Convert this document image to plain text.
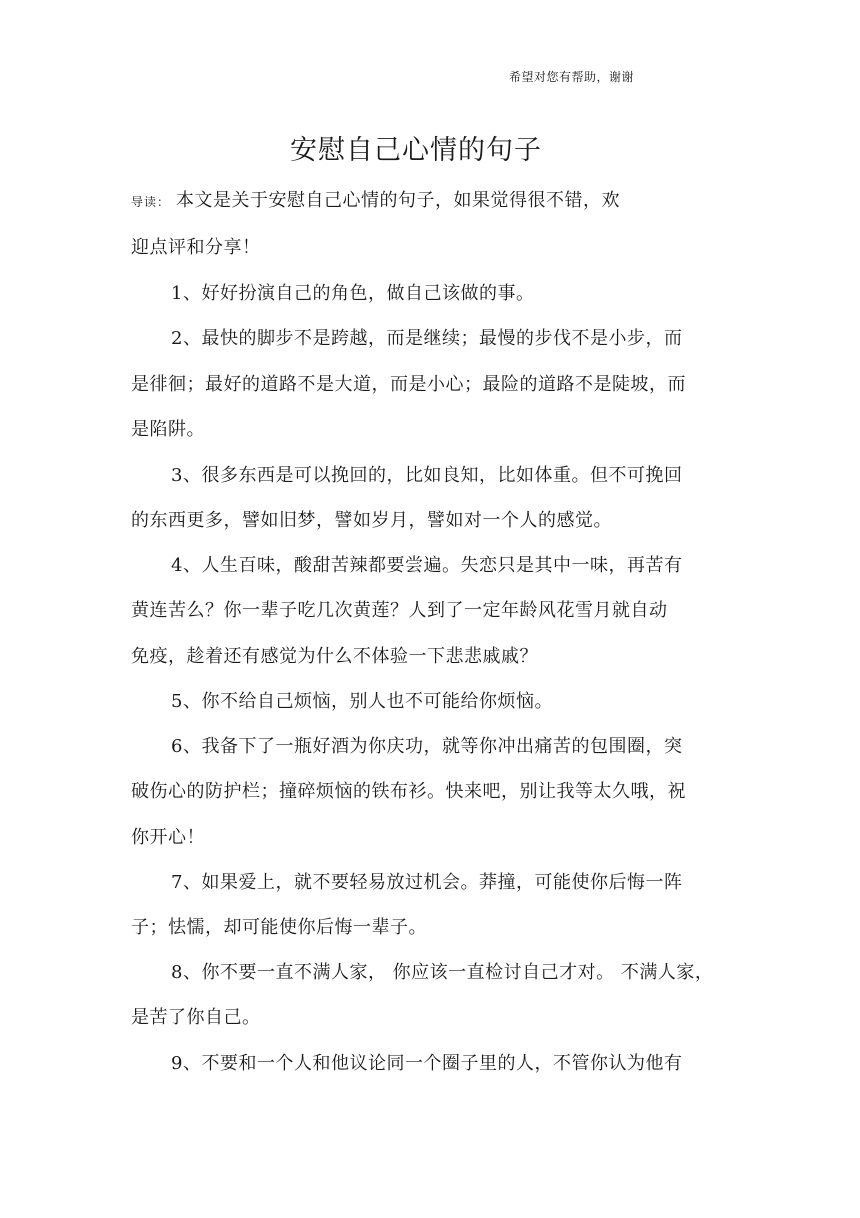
希望对您有帮助，谢谢
安慰自己心情的句子
导读： 本文是关于安慰自己心情的句子，如果觉得很不错，欢
迎点评和分享！
1、好好扮演自己的角色，做自己该做的事。
2、最快的脚步不是跨越，而是继续；最慢的步伐不是小步，而
是徘徊；最好的道路不是大道，而是小心；最险的道路不是陡坡，而
是陷阱。
3、很多东西是可以挽回的，比如良知，比如体重。但不可挽回
的东西更多，譬如旧梦，譬如岁月，譬如对一个人的感觉。
4、人生百味，酸甜苦辣都要尝遍。失恋只是其中一味，再苦有
黄连苦么？你一辈子吃几次黄莲？人到了一定年龄风花雪月就自动
免疫，趁着还有感觉为什么不体验一下悲悲戚戚？
5、你不给自己烦恼，别人也不可能给你烦恼。
6、我备下了一瓶好酒为你庆功，就等你冲出痛苦的包围圈，突
破伤心的防护栏；撞碎烦恼的铁布衫。快来吧，别让我等太久哦，祝
你开心！
7、如果爱上，就不要轻易放过机会。莽撞，可能使你后悔一阵
子；怯懦，却可能使你后悔一辈子。
8、你不要一直不满人家， 你应该一直检讨自己才对。 不满人家，
是苦了你自己。
9、不要和一个人和他议论同一个圈子里的人，不管你认为他有
